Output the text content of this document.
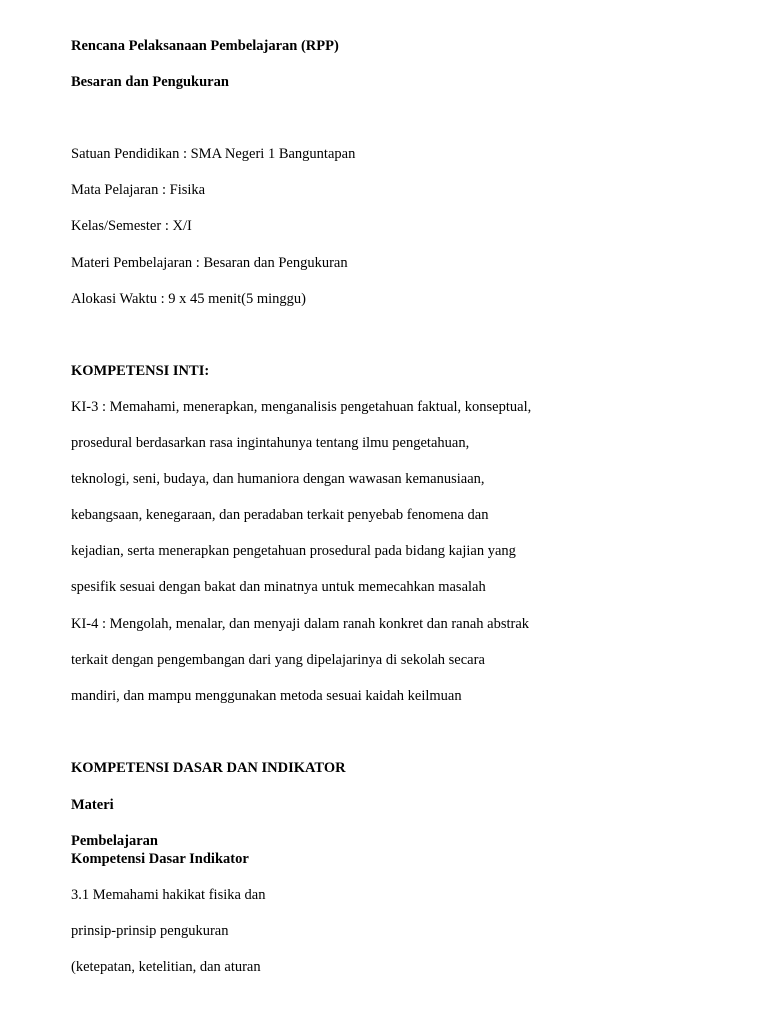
Rencana Pelaksanaan Pembelajaran (RPP)
Besaran dan Pengukuran
Satuan Pendidikan : SMA Negeri 1 Banguntapan
Mata Pelajaran : Fisika
Kelas/Semester : X/I
Materi Pembelajaran : Besaran dan Pengukuran
Alokasi Waktu : 9 x 45 menit(5 minggu)
KOMPETENSI INTI:
KI-3 : Memahami, menerapkan, menganalisis pengetahuan faktual, konseptual,
prosedural berdasarkan rasa ingintahunya tentang ilmu pengetahuan,
teknologi, seni, budaya, dan humaniora dengan wawasan kemanusiaan,
kebangsaan, kenegaraan, dan peradaban terkait penyebab fenomena dan
kejadian, serta menerapkan pengetahuan prosedural pada bidang kajian yang
spesifik sesuai dengan bakat dan minatnya untuk memecahkan masalah
KI-4 : Mengolah, menalar, dan menyaji dalam ranah konkret dan ranah abstrak
terkait dengan pengembangan dari yang dipelajarinya di sekolah secara
mandiri, dan mampu menggunakan metoda sesuai kaidah keilmuan
KOMPETENSI DASAR DAN INDIKATOR
Materi
Pembelajaran
Kompetensi Dasar Indikator
3.1 Memahami hakikat fisika dan
prinsip-prinsip pengukuran
(ketepatan, ketelitian, dan aturan
